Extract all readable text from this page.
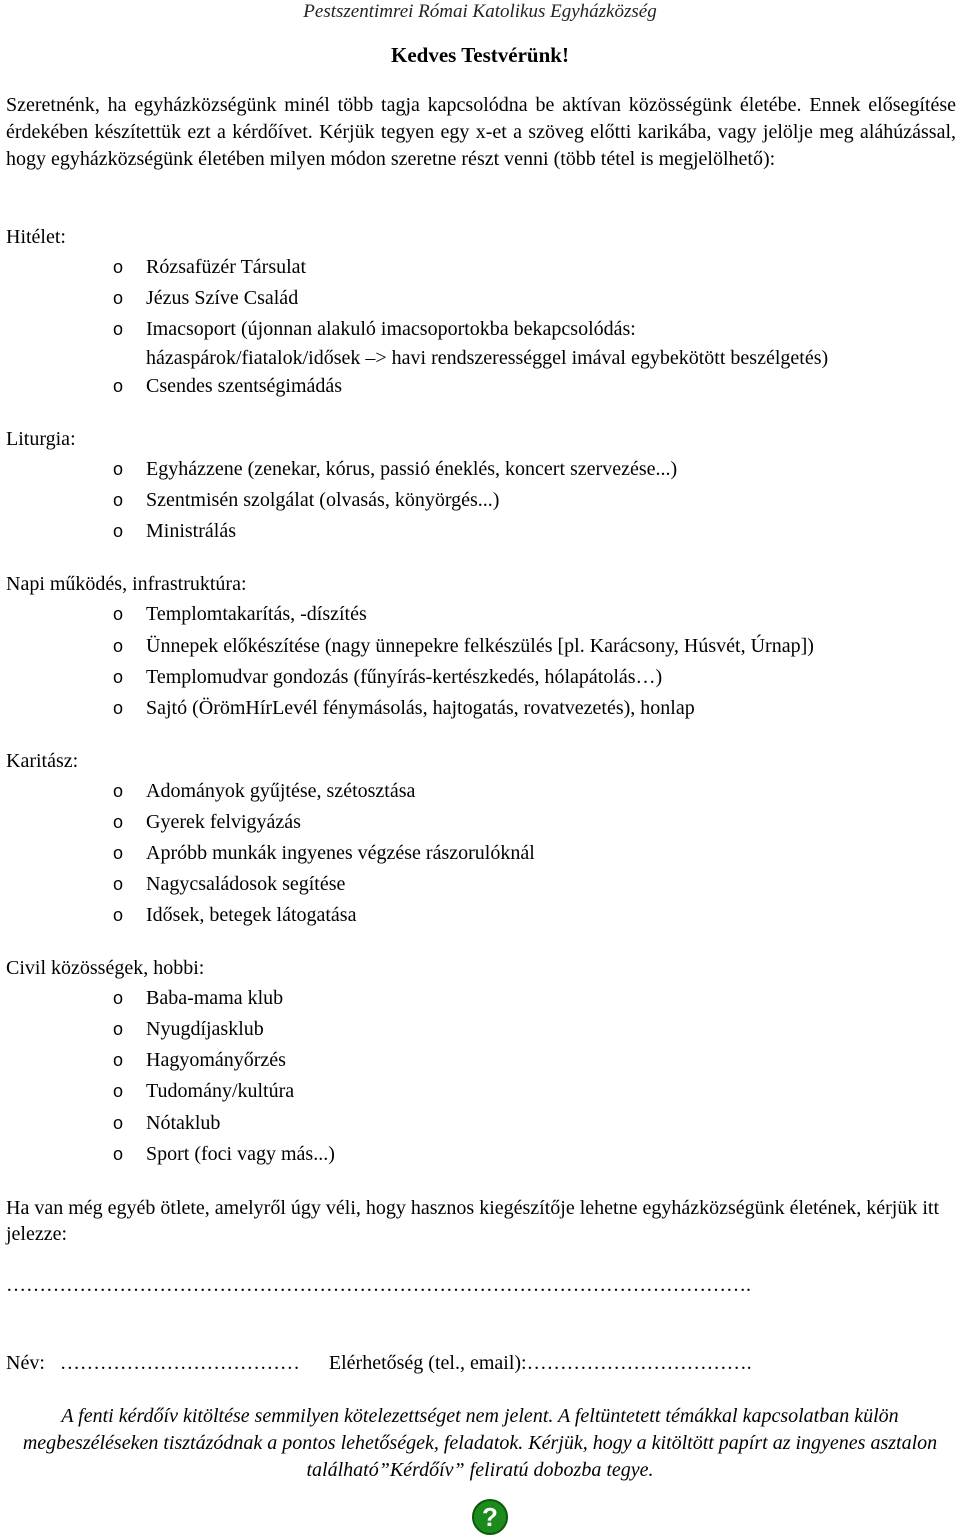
Pestszentimrei Római Katolikus Egyházközség
Kedves Testvérünk!

Szeretnénk, ha egyházközségünk minél több tagja kapcsolódna be aktívan közösségünk életébe. Ennek elősegítése érdekében készítettük ezt a kérdőívet. Kérjük tegyen egy x-et a szöveg előtti karikába, vagy jelölje meg aláhúzással, hogy egyházközségünk életében milyen módon szeretne részt venni (több tétel is megjelölhető):

Hitélet:
o	Rózsafüzér Társulat
o	Jézus Szíve Család
o	Imacsoport (újonnan alakuló imacsoportokba bekapcsolódás:
házaspárok/fiatalok/idősek –> havi rendszerességgel imával egybekötött beszélgetés)
o	Csendes szentségimádás
Liturgia:
o	Egyházzene (zenekar, kórus, passió éneklés, koncert szervezése...)
o	Szentmisén szolgálat (olvasás, könyörgés...)
o	Ministrálás
Napi működés, infrastruktúra:
o	Templomtakarítás, -díszítés
o	Ünnepek előkészítése (nagy ünnepekre felkészülés [pl. Karácsony, Húsvét, Úrnap])
o	Templomudvar gondozás (fűnyírás-kertészkedés, hólapátolás…)
o	Sajtó (ÖrömHírLevél fénymásolás, hajtogatás, rovatvezetés), honlap
Karitász:
o	Adományok gyűjtése, szétosztása
o	Gyerek felvigyázás
o	Apróbb munkák ingyenes végzése rászorulóknál
o	Nagycsaládosok segítése
o	Idősek, betegek látogatása
Civil közösségek, hobbi:
o	Baba-mama klub
o	Nyugdíjasklub
o	Hagyományőrzés
o	Tudomány/kultúra
o	Nótaklub
o	Sport (foci vagy más...)
Ha van még egyéb ötlete, amelyről úgy véli, hogy hasznos kiegészítője lehetne egyházközségünk életének, kérjük itt jelezze:
………………………………………………………………………………………………….
Név: ……………………………… Elérhetőség (tel., email):…………………………….
A fenti kérdőív kitöltése semmilyen kötelezettséget nem jelent. A feltüntetett témákkal kapcsolatban külön megbeszéléseken tisztázódnak a pontos lehetőségek, feladatok. Kérjük, hogy a kitöltött papírt az ingyenes asztalon található”Kérdőív” feliratú dobozba tegye.
?
